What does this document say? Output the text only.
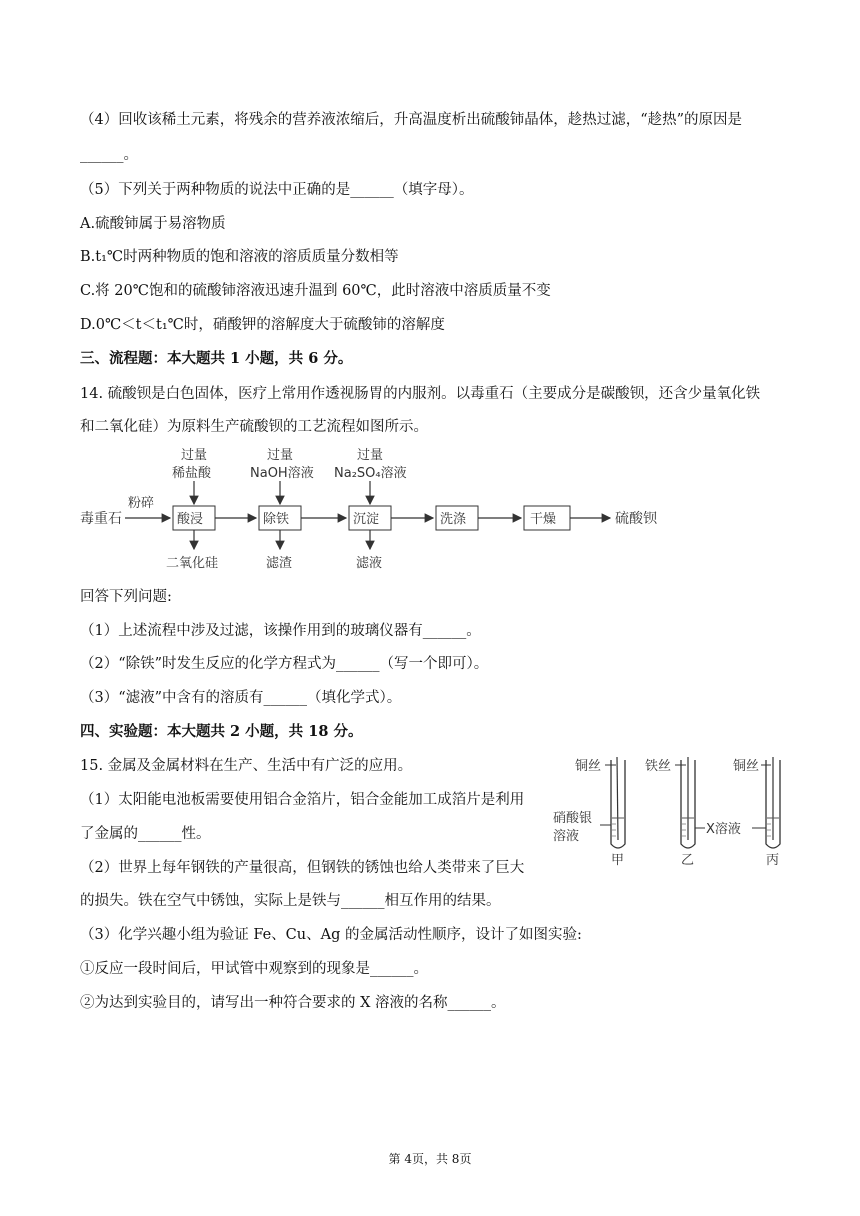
（4）回收该稀土元素，将残余的营养液浓缩后，升高温度析出硫酸铈晶体，趁热过滤，“趁热”的原因是
______。
（5）下列关于两种物质的说法中正确的是______（填字母）。
A.硫酸铈属于易溶物质
B.t₁℃时两种物质的饱和溶液的溶质质量分数相等
C.将 20℃饱和的硫酸铈溶液迅速升温到 60℃，此时溶液中溶质质量不变
D.0℃＜t＜t₁℃时，硝酸钾的溶解度大于硫酸铈的溶解度
三、流程题：本大题共 1 小题，共 6 分。
14. 硫酸钡是白色固体，医疗上常用作透视肠胃的内服剂。以毒重石（主要成分是碳酸钡，还含少量氧化铁
和二氧化硅）为原料生产硫酸钡的工艺流程如图所示。
毒重石
粉碎
酸浸	除铁	沉淀	洗涤	干燥	硫酸钡
过量
稀盐酸
过量
NaOH溶液
过量
Na₂SO₄溶液
二氧化硅	滤渣	滤液
回答下列问题:
（1）上述流程中涉及过滤，该操作用到的玻璃仪器有______。
（2）“除铁”时发生反应的化学方程式为______（写一个即可）。
（3）“滤液”中含有的溶质有______（填化学式）。
四、实验题：本大题共 2 小题，共 18 分。
15. 金属及金属材料在生产、生活中有广泛的应用。
（1）太阳能电池板需要使用铝合金箔片，铝合金能加工成箔片是利用
了金属的______性。
（2）世界上每年钢铁的产量很高，但钢铁的锈蚀也给人类带来了巨大
的损失。铁在空气中锈蚀，实际上是铁与______相互作用的结果。
（3）化学兴趣小组为验证 Fe、Cu、Ag 的金属活动性顺序，设计了如图实验:
①反应一段时间后，甲试管中观察到的现象是______。
②为达到实验目的，请写出一种符合要求的 X 溶液的名称______。
铜丝
硝酸银
溶液
甲
铁丝
乙
X溶液
铜丝
丙
第 4页，共 8页
